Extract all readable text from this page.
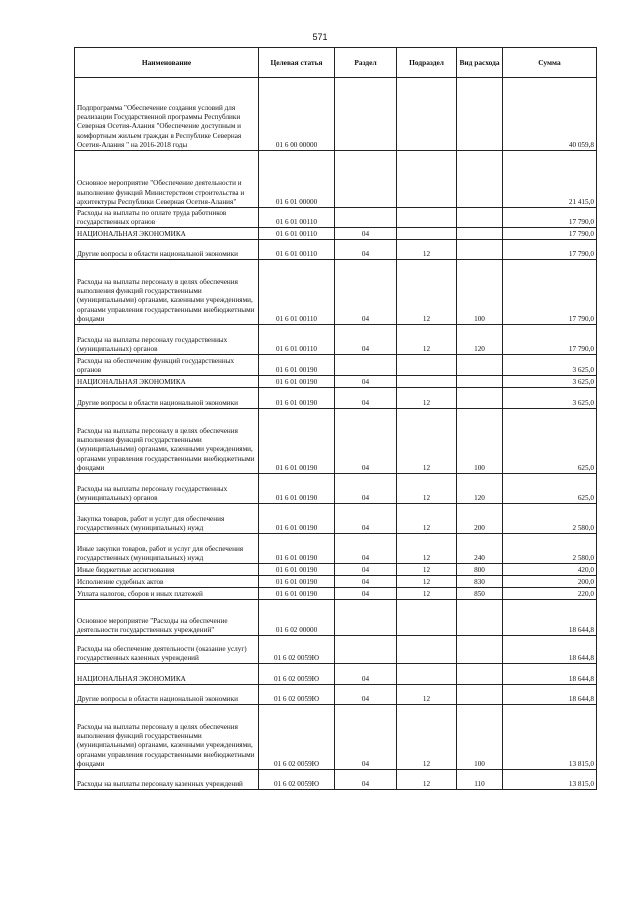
571
Наименование	Целевая статья	Раздел	Подраздел	Вид расхода	Сумма
Подпрограмма "Обеспечение создания условий для реализации Государственной программы Республики Северная Осетия-Алания "Обеспечение доступным и комфортным жильем граждан в Республике Северная Осетия-Алания " на 2016-2018 годы	01 6 00 00000				40 059,8
Основное мероприятие "Обеспечение деятельности и выполнение функций Министерством строительства и архитектуры Республики Северная Осетия-Алания"	01 6 01 00000				21 415,0
Расходы на выплаты по оплате труда работников государственных органов	01 6 01 00110				17 790,0
НАЦИОНАЛЬНАЯ ЭКОНОМИКА	01 6 01 00110	04			17 790,0
Другие вопросы в области национальной экономики	01 6 01 00110	04	12		17 790,0
Расходы на выплаты персоналу в целях обеспечения выполнения функций государственными (муниципальными) органами, казенными учреждениями, органами управления государственными внебюджетными фондами	01 6 01 00110	04	12	100	17 790,0
Расходы на выплаты персоналу государственных (муниципальных) органов	01 6 01 00110	04	12	120	17 790,0
Расходы на обеспечение функций государственных органов	01 6 01 00190				3 625,0
НАЦИОНАЛЬНАЯ ЭКОНОМИКА	01 6 01 00190	04			3 625,0
Другие вопросы в области национальной экономики	01 6 01 00190	04	12		3 625,0
Расходы на выплаты персоналу в целях обеспечения выполнения функций государственными (муниципальными) органами, казенными учреждениями, органами управления государственными внебюджетными фондами	01 6 01 00190	04	12	100	625,0
Расходы на выплаты персоналу государственных (муниципальных) органов	01 6 01 00190	04	12	120	625,0
Закупка товаров, работ и услуг для обеспечения государственных (муниципальных) нужд	01 6 01 00190	04	12	200	2 580,0
Иные закупки товаров, работ и услуг для обеспечения государственных (муниципальных) нужд	01 6 01 00190	04	12	240	2 580,0
Иные бюджетные ассигнования	01 6 01 00190	04	12	800	420,0
Исполнение судебных актов	01 6 01 00190	04	12	830	200,0
Уплата налогов, сборов и иных платежей	01 6 01 00190	04	12	850	220,0
Основное мероприятие "Расходы на обеспечение деятельности государственных учреждений"	01 6 02 00000				18 644,8
Расходы на обеспечение деятельности (оказание услуг) государственных казенных учреждений	01 6 02 0059Ю				18 644,8
НАЦИОНАЛЬНАЯ ЭКОНОМИКА	01 6 02 0059Ю	04			18 644,8
Другие вопросы в области национальной экономики	01 6 02 0059Ю	04	12		18 644,8
Расходы на выплаты персоналу в целях обеспечения выполнения функций государственными (муниципальными) органами, казенными учреждениями, органами управления государственными внебюджетными фондами	01 6 02 0059Ю	04	12	100	13 815,0
Расходы на выплаты персоналу казенных учреждений	01 6 02 0059Ю	04	12	110	13 815,0
